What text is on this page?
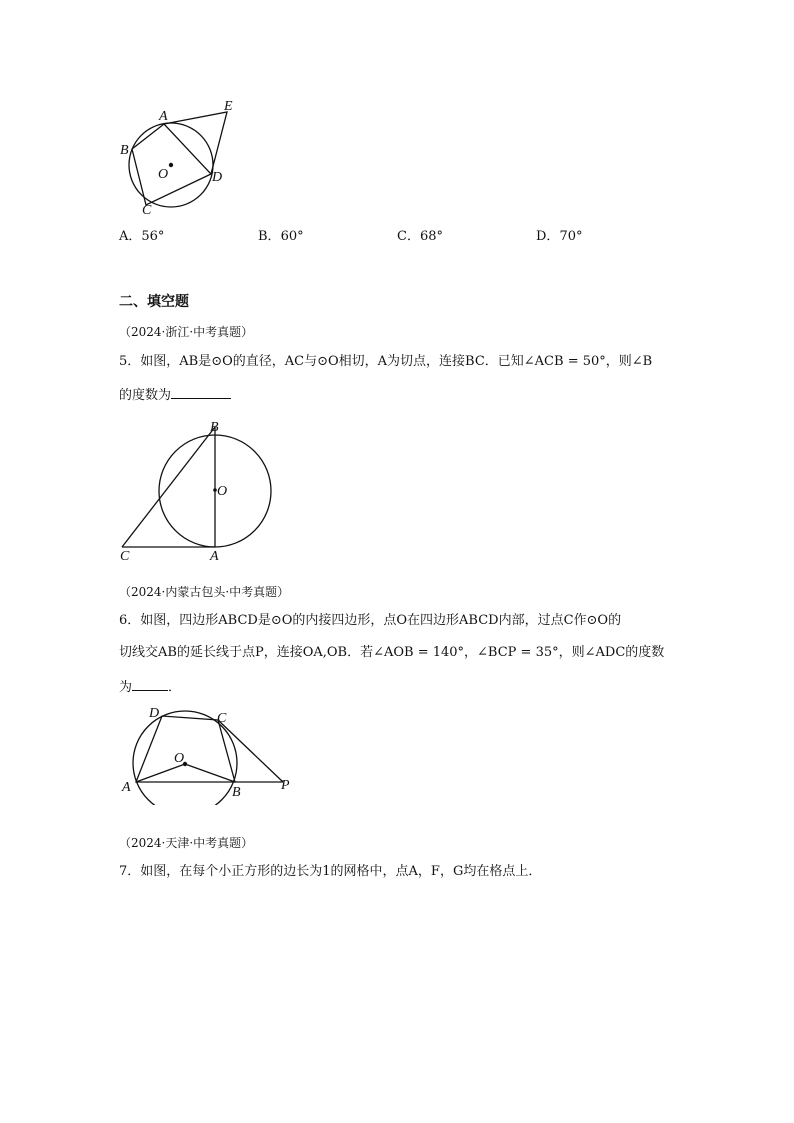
A
E
B
O	D
C
A．56°	B．60°	C．68°	D．70°
二、填空题
（2024·浙江·中考真题）
5．如图，AB是⊙O的直径，AC与⊙O相切，A为切点，连接BC．已知∠ACB = 50°，则∠B
的度数为
B
O
C	A
（2024·内蒙古包头·中考真题）
6．如图，四边形ABCD是⊙O的内接四边形，点O在四边形ABCD内部，过点C作⊙O的
切线交AB的延长线于点P，连接OA,OB．若∠AOB = 140°，∠BCP = 35°，则∠ADC的度数
为	．
D	C
O
A	B	P
（2024·天津·中考真题）
7．如图，在每个小正方形的边长为1的网格中，点A，F，G均在格点上．
